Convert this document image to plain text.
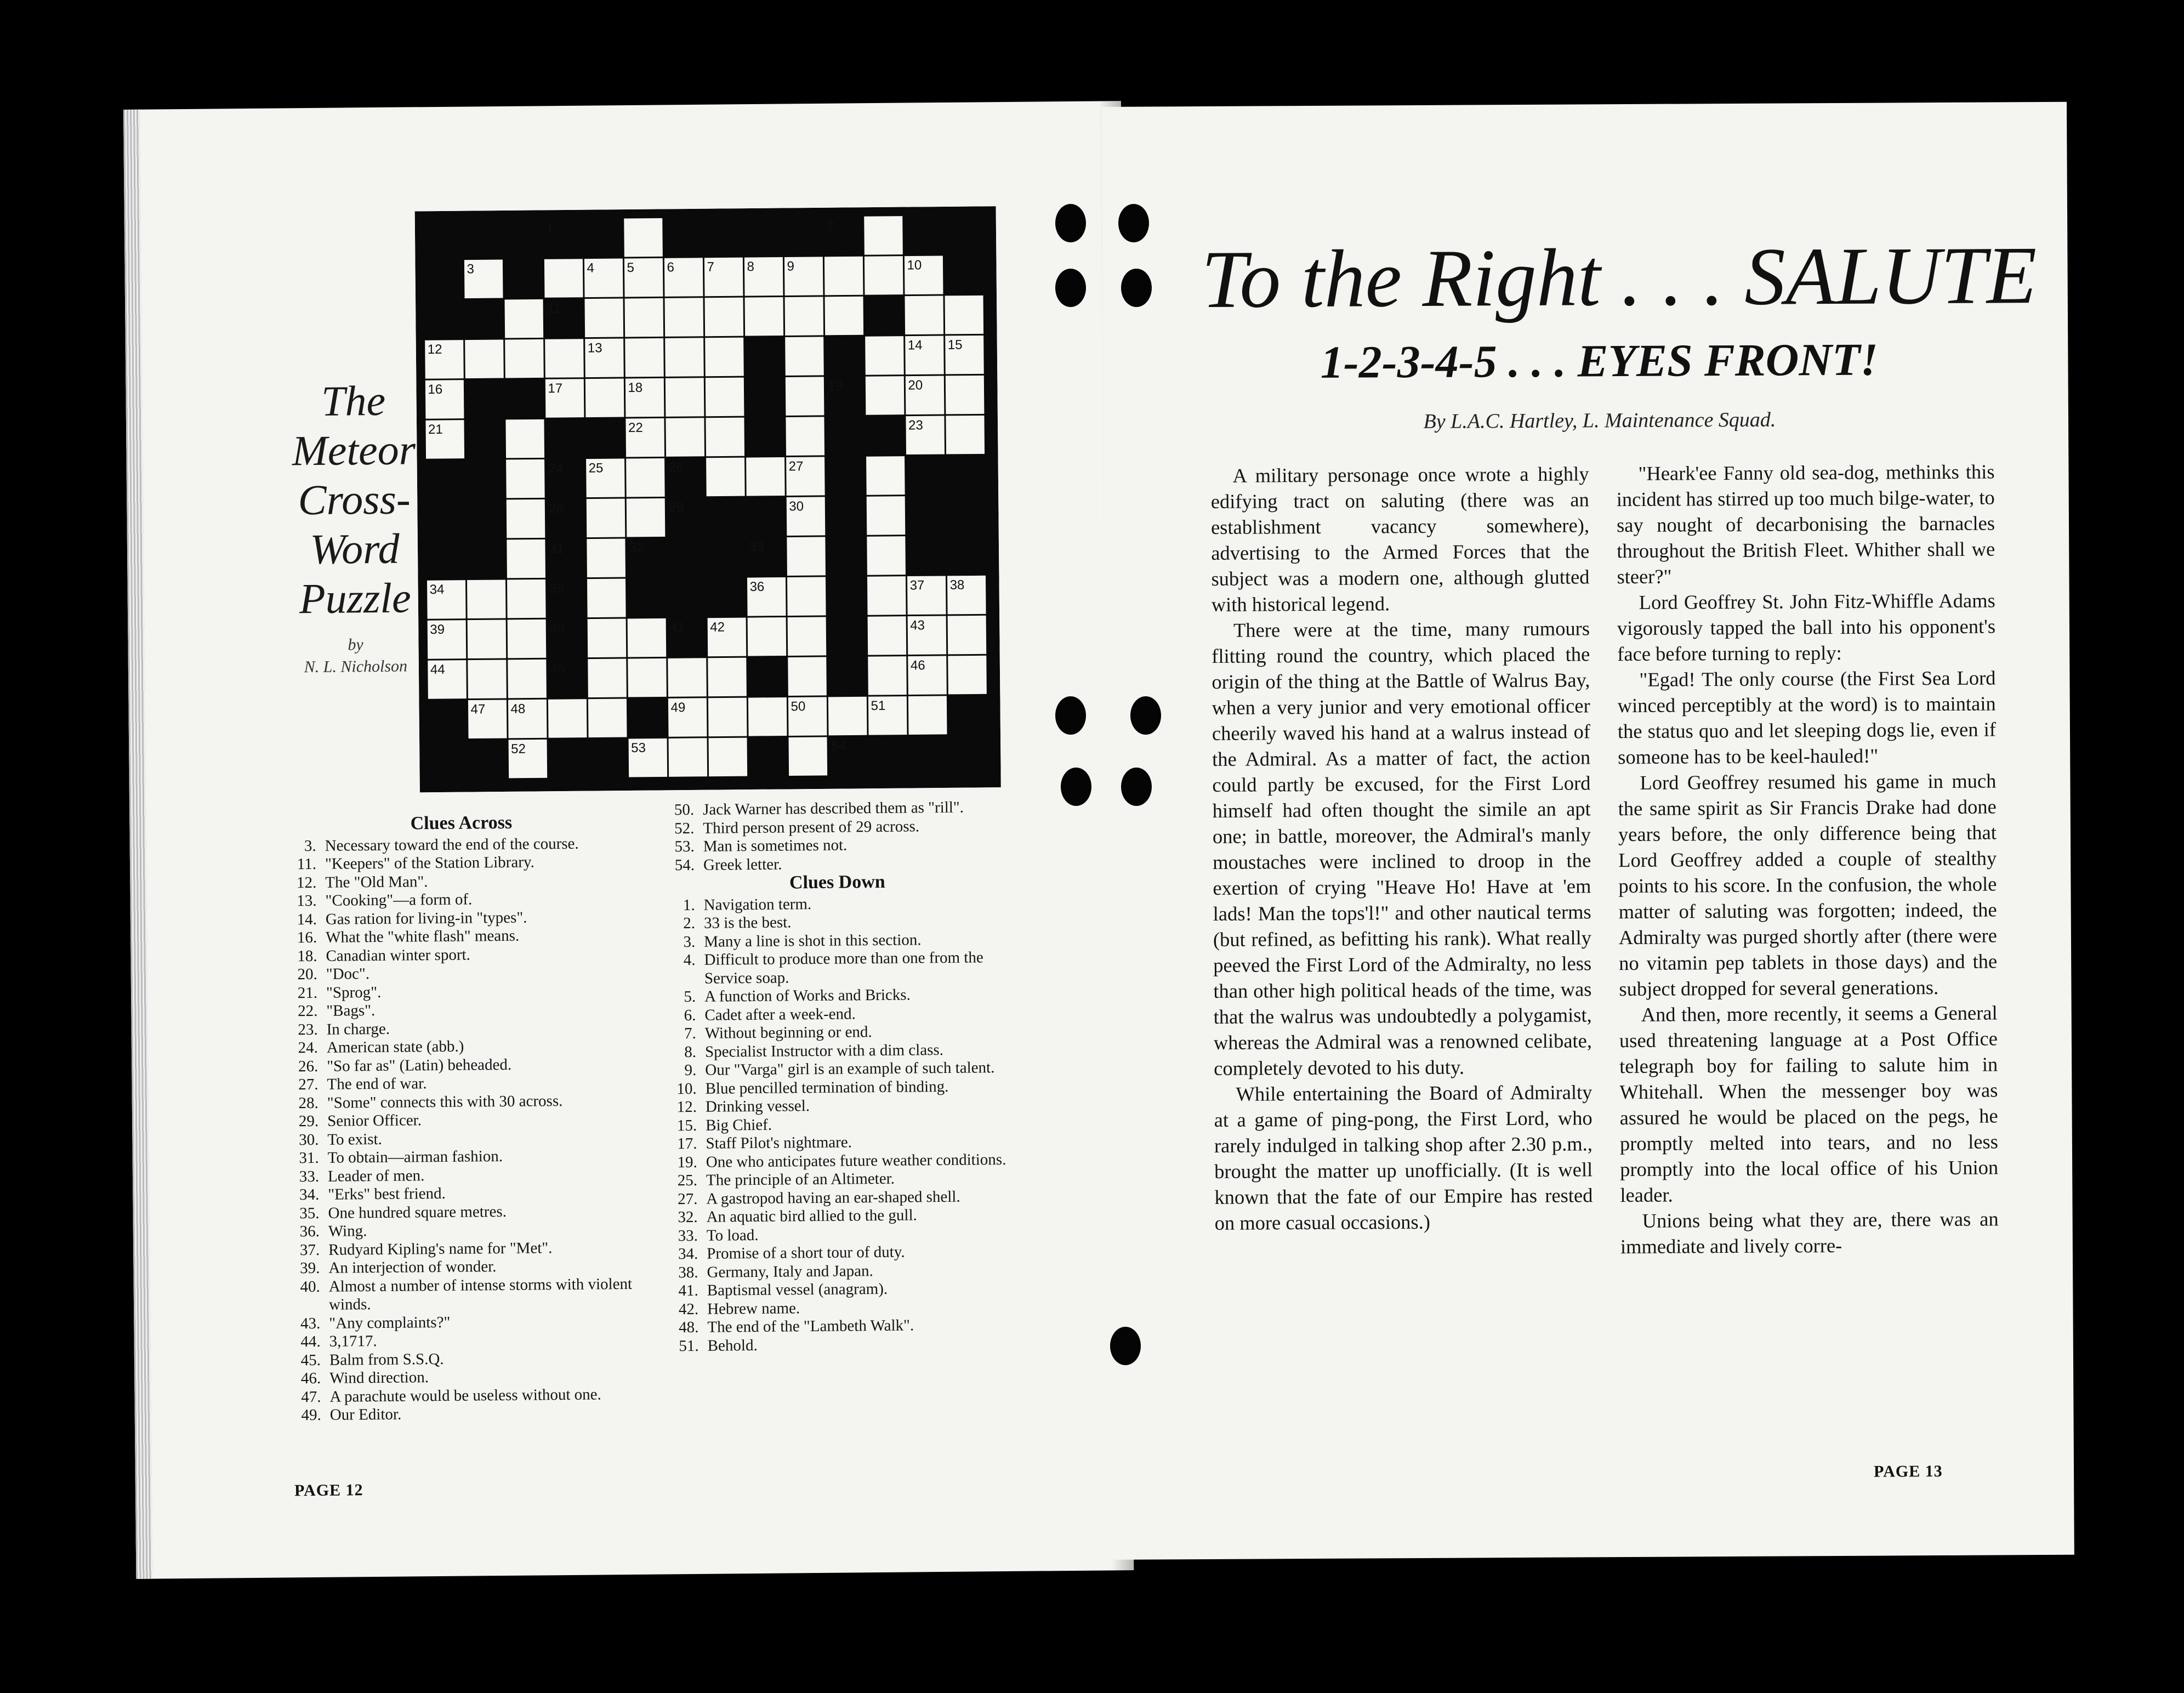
The
Meteor
Cross-
Word
Puzzle
by
N. L. Nicholson
1	2
3	4 5 6 7 8 9	10
11
12	13	14 15
16	17	18	19	20
21	22	23
24 25	26	27
28	29	30
31	32	33
34	35	36	37 38
39	40	41 42	43
44	45	46
47 48	49	50	51
52	53	54
Clues Across
3. Necessary toward the end of the course.
11. "Keepers" of the Station Library.
12. The "Old Man".
13. "Cooking"—a form of.
14. Gas ration for living-in "types".
16. What the "white flash" means.
18. Canadian winter sport.
20. "Doc".
21. "Sprog".
22. "Bags".
23. In charge.
24. American state (abb.)
26. "So far as" (Latin) beheaded.
27. The end of war.
28. "Some" connects this with 30 across.
29. Senior Officer.
30. To exist.
31. To obtain—airman fashion.
33. Leader of men.
34. "Erks" best friend.
35. One hundred square metres.
36. Wing.
37. Rudyard Kipling's name for "Met".
39. An interjection of wonder.
40. Almost a number of intense storms with violent winds.
43. "Any complaints?"
44. 3,1717.
45. Balm from S.S.Q.
46. Wind direction.
47. A parachute would be useless without one.
49. Our Editor.
50. Jack Warner has described them as "rill".
52. Third person present of 29 across.
53. Man is sometimes not.
54. Greek letter.
Clues Down
1. Navigation term.
2. 33 is the best.
3. Many a line is shot in this section.
4. Difficult to produce more than one from the Service soap.
5. A function of Works and Bricks.
6. Cadet after a week-end.
7. Without beginning or end.
8. Specialist Instructor with a dim class.
9. Our "Varga" girl is an example of such talent.
10. Blue pencilled termination of binding.
12. Drinking vessel.
15. Big Chief.
17. Staff Pilot's nightmare.
19. One who anticipates future weather conditions.
25. The principle of an Altimeter.
27. A gastropod having an ear-shaped shell.
32. An aquatic bird allied to the gull.
33. To load.
34. Promise of a short tour of duty.
38. Germany, Italy and Japan.
41. Baptismal vessel (anagram).
42. Hebrew name.
48. The end of the "Lambeth Walk".
51. Behold.
PAGE 12
To the Right . . . SALUTE
1-2-3-4-5 . . . EYES FRONT!
By L.A.C. Hartley, L. Maintenance Squad.

A military personage once wrote a highly edifying tract on saluting (there was an establishment vacancy somewhere), advertising to the Armed Forces that the subject was a modern one, although glutted with historical legend.

There were at the time, many rumours flitting round the country, which placed the origin of the thing at the Battle of Walrus Bay, when a very junior and very emotional officer cheerily waved his hand at a walrus instead of the Admiral. As a matter of fact, the action could partly be excused, for the First Lord himself had often thought the simile an apt one; in battle, moreover, the Admiral's manly moustaches were inclined to droop in the exertion of crying "Heave Ho! Have at 'em lads! Man the tops'l!" and other nautical terms (but refined, as befitting his rank). What really peeved the First Lord of the Admiralty, no less than other high political heads of the time, was that the walrus was undoubtedly a polygamist, whereas the Admiral was a renowned celibate, completely devoted to his duty.

While entertaining the Board of Admiralty at a game of ping-pong, the First Lord, who rarely indulged in talking shop after 2.30 p.m., brought the matter up unofficially. (It is well known that the fate of our Empire has rested on more casual occasions.)

"Heark'ee Fanny old sea-dog, methinks this incident has stirred up too much bilge-water, to say nought of decarbonising the barnacles throughout the British Fleet. Whither shall we steer?"

Lord Geoffrey St. John Fitz-Whiffle Adams vigorously tapped the ball into his opponent's face before turning to reply:

"Egad! The only course (the First Sea Lord winced perceptibly at the word) is to maintain the status quo and let sleeping dogs lie, even if someone has to be keel-hauled!"

Lord Geoffrey resumed his game in much the same spirit as Sir Francis Drake had done years before, the only difference being that Lord Geoffrey added a couple of stealthy points to his score. In the confusion, the whole matter of saluting was forgotten; indeed, the Admiralty was purged shortly after (there were no vitamin pep tablets in those days) and the subject dropped for several generations.

And then, more recently, it seems a General used threatening language at a Post Office telegraph boy for failing to salute him in Whitehall. When the messenger boy was assured he would be placed on the pegs, he promptly melted into tears, and no less promptly into the local office of his Union leader.

Unions being what they are, there was an immediate and lively corre-

PAGE 13
